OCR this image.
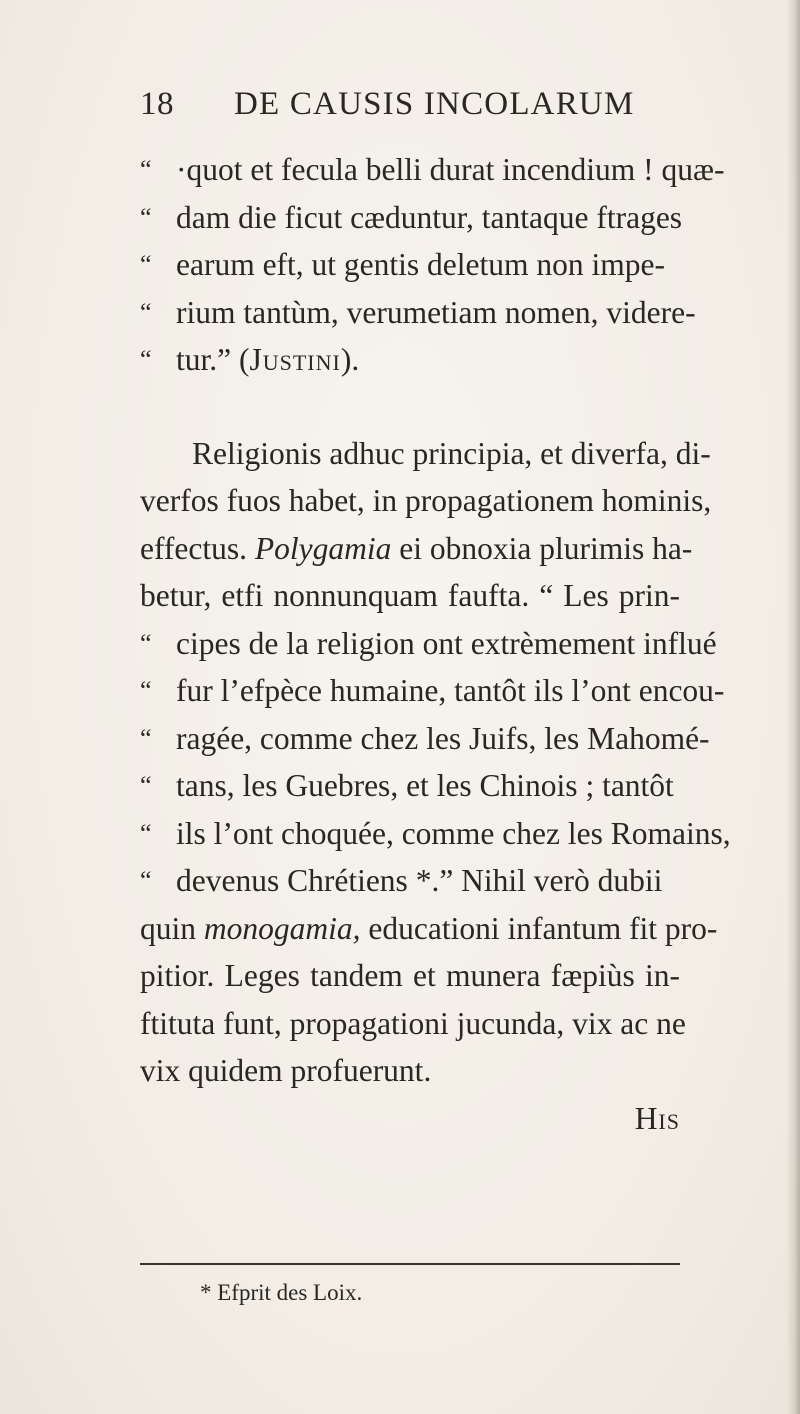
18 DE CAUSIS INCOLARUM
“ ·quot et fecula belli durat incendium ! quæ-
“ dam die ficut cæduntur, tantaque ftrages
“ earum eft, ut gentis deletum non impe-
“ rium tantùm, verumetiam nomen, videre-
“ tur.” (Justini).
Religionis adhuc principia, et diverfa, di-
verfos fuos habet, in propagationem hominis,
effectus. Polygamia ei obnoxia plurimis ha-
betur, etfi nonnunquam faufta. “ Les prin-
“ cipes de la religion ont extrèmement influé
“ fur l’efpèce humaine, tantôt ils l’ont encou-
“ ragée, comme chez les Juifs, les Mahomé-
“ tans, les Guebres, et les Chinois ; tantôt
“ ils l’ont choquée, comme chez les Romains,
“ devenus Chrétiens *.” Nihil verò dubii
quin monogamia, educationi infantum fit pro-
pitior. Leges tandem et munera fæpiùs in-
ftituta funt, propagationi jucunda, vix ac ne
vix quidem profuerunt.
His
* Efprit des Loix.
